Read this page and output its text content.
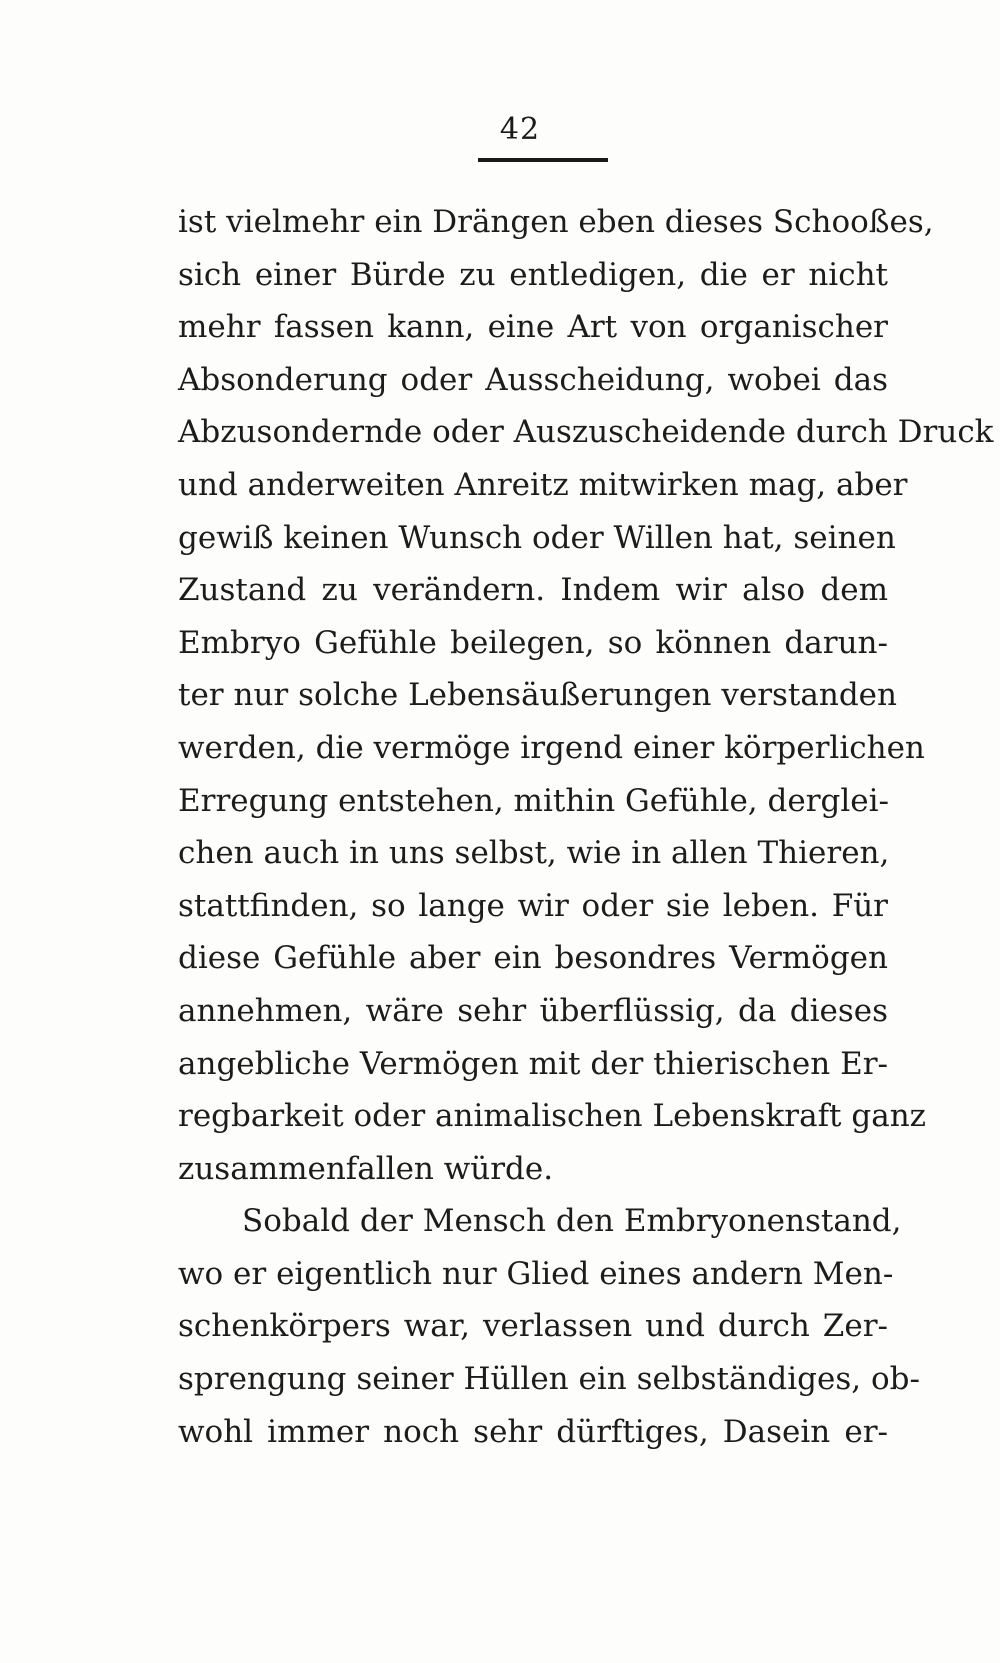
42
ist vielmehr ein Drängen eben dieses Schooßes,
sich einer Bürde zu entledigen, die er nicht
mehr fassen kann, eine Art von organischer
Absonderung oder Ausscheidung, wobei das
Abzusondernde oder Auszuscheidende durch Druck
und anderweiten Anreitz mitwirken mag, aber
gewiß keinen Wunsch oder Willen hat, seinen
Zustand zu verändern. Indem wir also dem
Embryo Gefühle beilegen, so können darun-
ter nur solche Lebensäußerungen verstanden
werden, die vermöge irgend einer körperlichen
Erregung entstehen, mithin Gefühle, derglei-
chen auch in uns selbst, wie in allen Thieren,
stattfinden, so lange wir oder sie leben. Für
diese Gefühle aber ein besondres Vermögen
annehmen, wäre sehr überflüssig, da dieses
angebliche Vermögen mit der thierischen Er-
regbarkeit oder animalischen Lebenskraft ganz
zusammenfallen würde.
Sobald der Mensch den Embryonenstand,
wo er eigentlich nur Glied eines andern Men-
schenkörpers war, verlassen und durch Zer-
sprengung seiner Hüllen ein selbständiges, ob-
wohl immer noch sehr dürftiges, Dasein er-
